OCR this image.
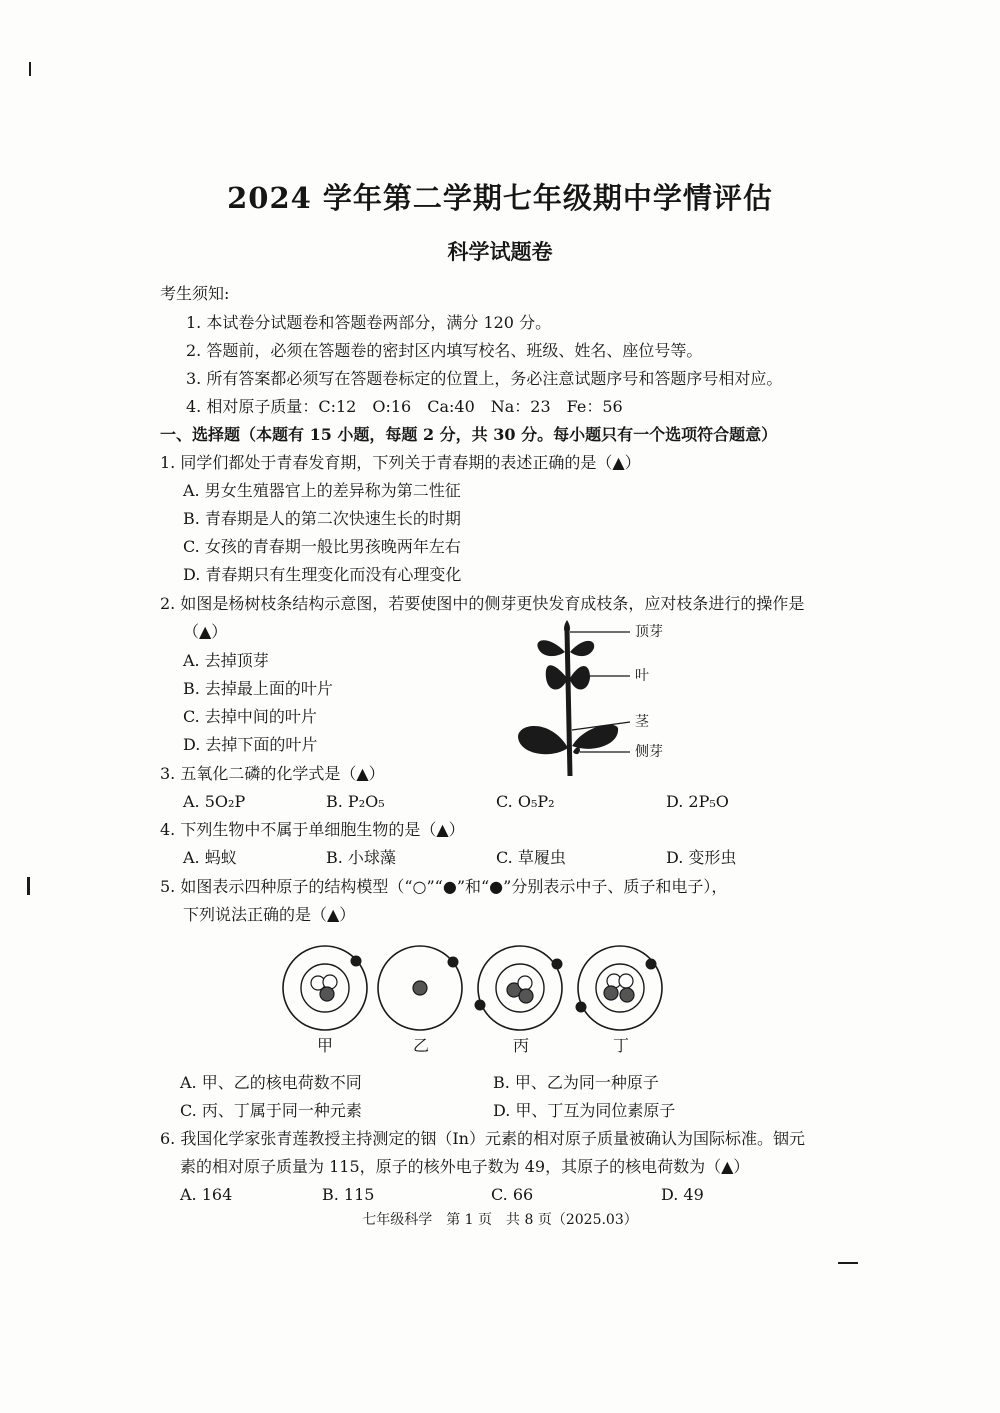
2024 学年第二学期七年级期中学情评估
科学试题卷
考生须知:
1. 本试卷分试题卷和答题卷两部分，满分 120 分。
2. 答题前，必须在答题卷的密封区内填写校名、班级、姓名、座位号等。
3. 所有答案都必须写在答题卷标定的位置上，务必注意试题序号和答题序号相对应。
4. 相对原子质量：C:12　O:16　Ca:40　Na：23　Fe：56
一、选择题（本题有 15 小题，每题 2 分，共 30 分。每小题只有一个选项符合题意）
1. 同学们都处于青春发育期，下列关于青春期的表述正确的是（▲）
A. 男女生殖器官上的差异称为第二性征
B. 青春期是人的第二次快速生长的时期
C. 女孩的青春期一般比男孩晚两年左右
D. 青春期只有生理变化而没有心理变化
2. 如图是杨树枝条结构示意图，若要使图中的侧芽更快发育成枝条，应对枝条进行的操作是
（▲）
A. 去掉顶芽
B. 去掉最上面的叶片
C. 去掉中间的叶片
D. 去掉下面的叶片
顶芽
叶
茎
侧芽
3. 五氧化二磷的化学式是（▲）
A. 5O₂P	B. P₂O₅	C. O₅P₂	D. 2P₅O
4. 下列生物中不属于单细胞生物的是（▲）
A. 蚂蚁	B. 小球藻	C. 草履虫	D. 变形虫
5. 如图表示四种原子的结构模型（“○”“●”和“●”分别表示中子、质子和电子），
下列说法正确的是（▲）
甲	乙	丙	丁
A. 甲、乙的核电荷数不同	B. 甲、乙为同一种原子
C. 丙、丁属于同一种元素	D. 甲、丁互为同位素原子
6. 我国化学家张青莲教授主持测定的铟（In）元素的相对原子质量被确认为国际标准。铟元
素的相对原子质量为 115，原子的核外电子数为 49，其原子的核电荷数为（▲）
A. 164	B. 115	C. 66	D. 49
七年级科学　第 1 页　共 8 页（2025.03）
